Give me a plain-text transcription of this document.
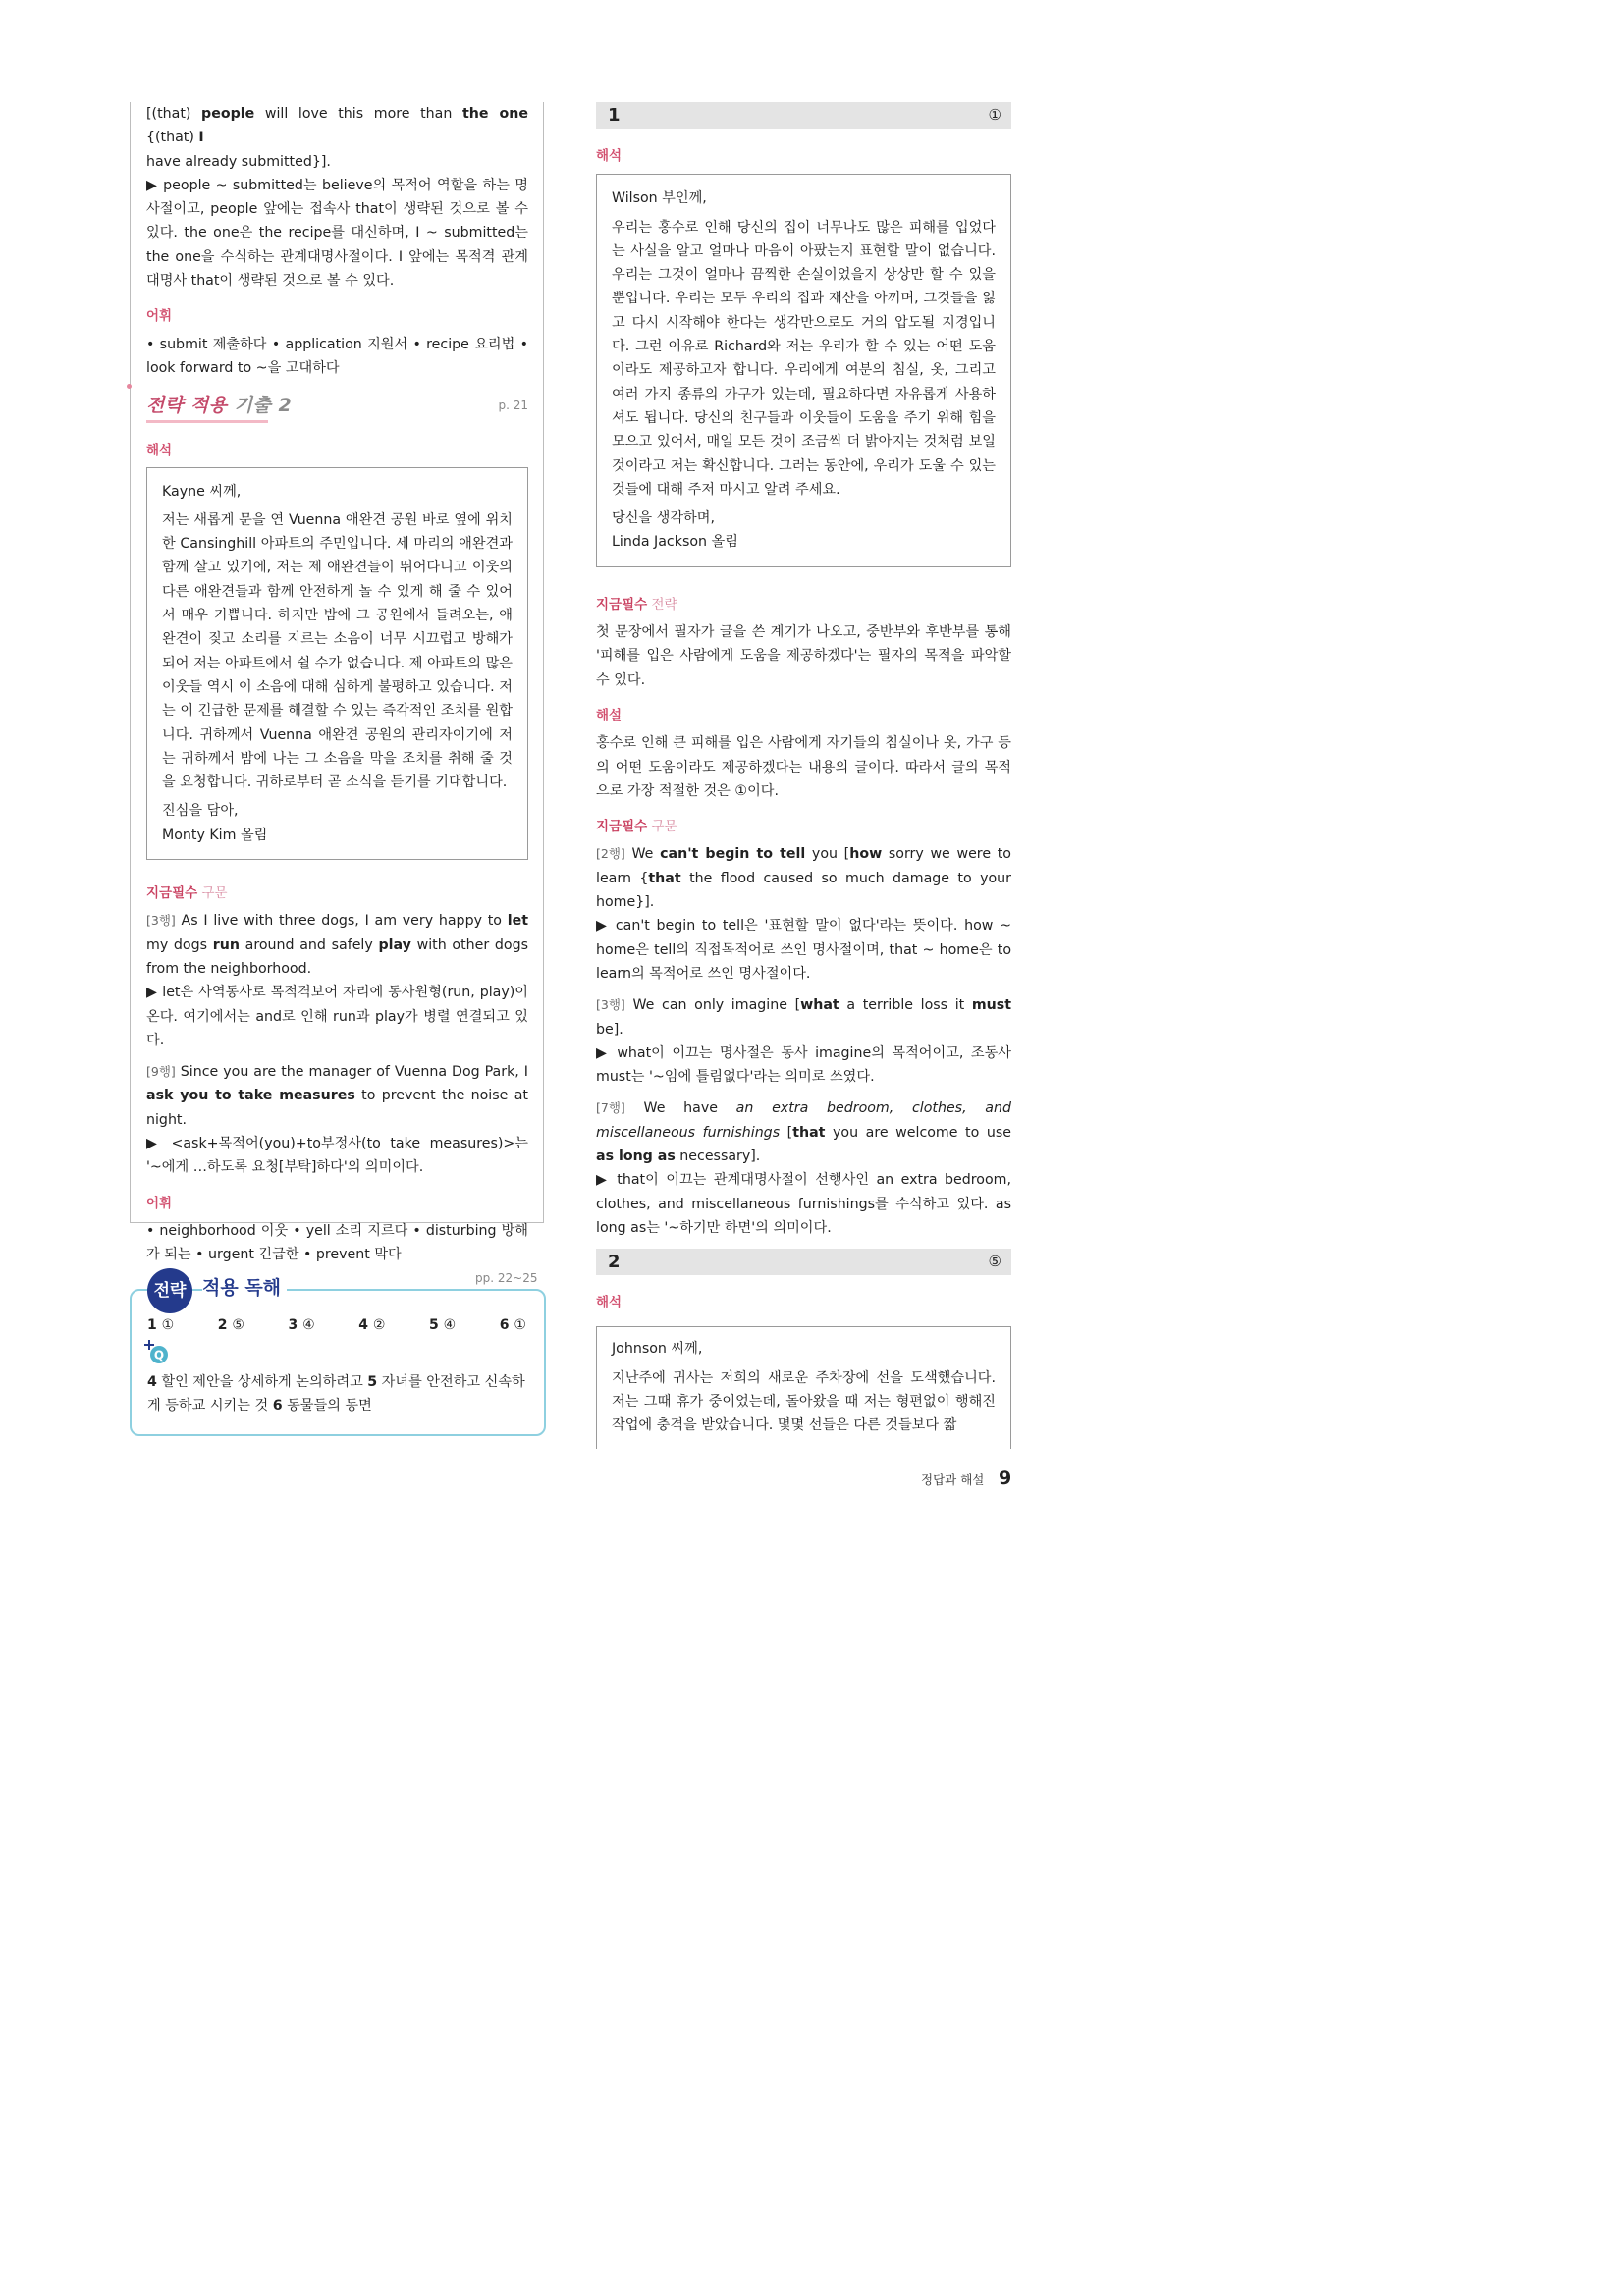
[(that) people will love this more than the one {(that) I
have already submitted}].

▶ people ~ submitted는 believe의 목적어 역할을 하는 명사절이고, people 앞에는 접속사 that이 생략된 것으로 볼 수 있다. the one은 the recipe를 대신하며, I ~ submitted는 the one을 수식하는 관계대명사절이다. I 앞에는 목적격 관계대명사 that이 생략된 것으로 볼 수 있다.

어휘

• submit 제출하다 • application 지원서 • recipe 요리법 • look forward to ~을 고대하다

전략 적용 기출 2	p. 21
해석

Kayne 씨께,

저는 새롭게 문을 연 Vuenna 애완견 공원 바로 옆에 위치한 Cansinghill 아파트의 주민입니다. 세 마리의 애완견과 함께 살고 있기에, 저는 제 애완견들이 뛰어다니고 이웃의 다른 애완견들과 함께 안전하게 놀 수 있게 해 줄 수 있어서 매우 기쁩니다. 하지만 밤에 그 공원에서 들려오는, 애완견이 짖고 소리를 지르는 소음이 너무 시끄럽고 방해가 되어 저는 아파트에서 쉴 수가 없습니다. 제 아파트의 많은 이웃들 역시 이 소음에 대해 심하게 불평하고 있습니다. 저는 이 긴급한 문제를 해결할 수 있는 즉각적인 조치를 원합니다. 귀하께서 Vuenna 애완견 공원의 관리자이기에 저는 귀하께서 밤에 나는 그 소음을 막을 조치를 취해 줄 것을 요청합니다. 귀하로부터 곧 소식을 듣기를 기대합니다.

진심을 담아,

Monty Kim 올림

지금필수 구문

[3행] As I live with three dogs, I am very happy to let my dogs run around and safely play with other dogs from the neighborhood.

▶ let은 사역동사로 목적격보어 자리에 동사원형(run, play)이 온다. 여기에서는 and로 인해 run과 play가 병렬 연결되고 있다.

[9행] Since you are the manager of Vuenna Dog Park, I ask you to take measures to prevent the noise at night.

▶ <ask+목적어(you)+to부정사(to take measures)>는 '~에게 …하도록 요청[부탁]하다'의 의미이다.

어휘

• neighborhood 이웃 • yell 소리 지르다 • disturbing 방해가 되는 • urgent 긴급한 • prevent 막다

적용 독해
전략
pp. 22~25
1 ①	2 ⑤	3 ④	4 ②	5 ④	6 ①
Q
4 할인 제안을 상세하게 논의하려고 5 자녀를 안전하고 신속하게 등하교 시키는 것 6 동물들의 동면
1	①
해석

Wilson 부인께,

우리는 홍수로 인해 당신의 집이 너무나도 많은 피해를 입었다는 사실을 알고 얼마나 마음이 아팠는지 표현할 말이 없습니다. 우리는 그것이 얼마나 끔찍한 손실이었을지 상상만 할 수 있을 뿐입니다. 우리는 모두 우리의 집과 재산을 아끼며, 그것들을 잃고 다시 시작해야 한다는 생각만으로도 거의 압도될 지경입니다. 그런 이유로 Richard와 저는 우리가 할 수 있는 어떤 도움이라도 제공하고자 합니다. 우리에게 여분의 침실, 옷, 그리고 여러 가지 종류의 가구가 있는데, 필요하다면 자유롭게 사용하셔도 됩니다. 당신의 친구들과 이웃들이 도움을 주기 위해 힘을 모으고 있어서, 매일 모든 것이 조금씩 더 밝아지는 것처럼 보일 것이라고 저는 확신합니다. 그러는 동안에, 우리가 도울 수 있는 것들에 대해 주저 마시고 알려 주세요.

당신을 생각하며,

Linda Jackson 올림

지금필수 전략

첫 문장에서 필자가 글을 쓴 계기가 나오고, 중반부와 후반부를 통해 '피해를 입은 사람에게 도움을 제공하겠다'는 필자의 목적을 파악할 수 있다.

해설

홍수로 인해 큰 피해를 입은 사람에게 자기들의 침실이나 옷, 가구 등의 어떤 도움이라도 제공하겠다는 내용의 글이다. 따라서 글의 목적으로 가장 적절한 것은 ①이다.

지금필수 구문

[2행] We can't begin to tell you [how sorry we were to learn {that the flood caused so much damage to your home}].

▶ can't begin to tell은 '표현할 말이 없다'라는 뜻이다. how ~ home은 tell의 직접목적어로 쓰인 명사절이며, that ~ home은 to learn의 목적어로 쓰인 명사절이다.

[3행] We can only imagine [what a terrible loss it must be].

▶ what이 이끄는 명사절은 동사 imagine의 목적어이고, 조동사 must는 '~임에 틀림없다'라는 의미로 쓰였다.

[7행] We have an extra bedroom, clothes, and miscellaneous furnishings [that you are welcome to use as long as necessary].

▶ that이 이끄는 관계대명사절이 선행사인 an extra bedroom, clothes, and miscellaneous furnishings를 수식하고 있다. as long as는 '~하기만 하면'의 의미이다.

2	⑤
해석

Johnson 씨께,

지난주에 귀사는 저희의 새로운 주차장에 선을 도색했습니다. 저는 그때 휴가 중이었는데, 돌아왔을 때 저는 형편없이 행해진 작업에 충격을 받았습니다. 몇몇 선들은 다른 것들보다 짧

정답과 해설 9
